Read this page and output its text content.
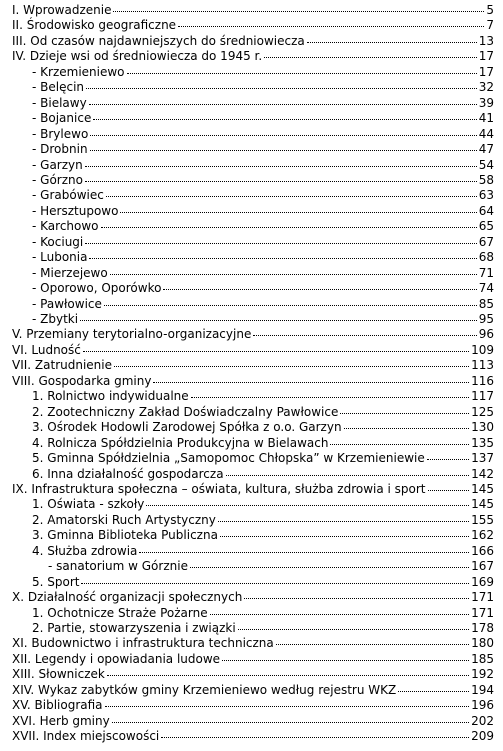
I. Wprowadzenie	5
II. Środowisko geograficzne	7
III. Od czasów najdawniejszych do średniowiecza	13
IV. Dzieje wsi od średniowiecza do 1945 r.	17
- Krzemieniewo	17
- Belęcin	32
- Bielawy	39
- Bojanice	41
- Brylewo	44
- Drobnin	47
- Garzyn	54
- Górzno	58
- Grabówiec	63
- Hersztupowo	64
- Karchowo	65
- Kociugi	67
- Lubonia	68
- Mierzejewo	71
- Oporowo, Oporówko	74
- Pawłowice	85
- Zbytki	95
V. Przemiany terytorialno-organizacyjne	96
VI. Ludność	109
VII. Zatrudnienie	113
VIII. Gospodarka gminy	116
1. Rolnictwo indywidualne	117
2. Zootechniczny Zakład Doświadczalny Pawłowice	125
3. Ośrodek Hodowli Zarodowej Spółka z o.o. Garzyn	130
4. Rolnicza Spółdzielnia Produkcyjna w Bielawach	135
5. Gminna Spółdzielnia „Samopomoc Chłopska” w Krzemieniewie	137
6. Inna działalność gospodarcza	142
IX. Infrastruktura społeczna – oświata, kultura, służba zdrowia i sport	145
1. Oświata - szkoły	145
2. Amatorski Ruch Artystyczny	155
3. Gminna Biblioteka Publiczna	162
4. Służba zdrowia	166
- sanatorium w Górznie	167
5. Sport	169
X. Działalność organizacji społecznych	171
1. Ochotnicze Straże Pożarne	171
2. Partie, stowarzyszenia i związki	178
XI. Budownictwo i infrastruktura techniczna	180
XII. Legendy i opowiadania ludowe	185
XIII. Słowniczek	192
XIV. Wykaz zabytków gminy Krzemieniewo według rejestru WKZ	194
XV. Bibliografia	196
XVI. Herb gminy	202
XVII. Index miejscowości	209
